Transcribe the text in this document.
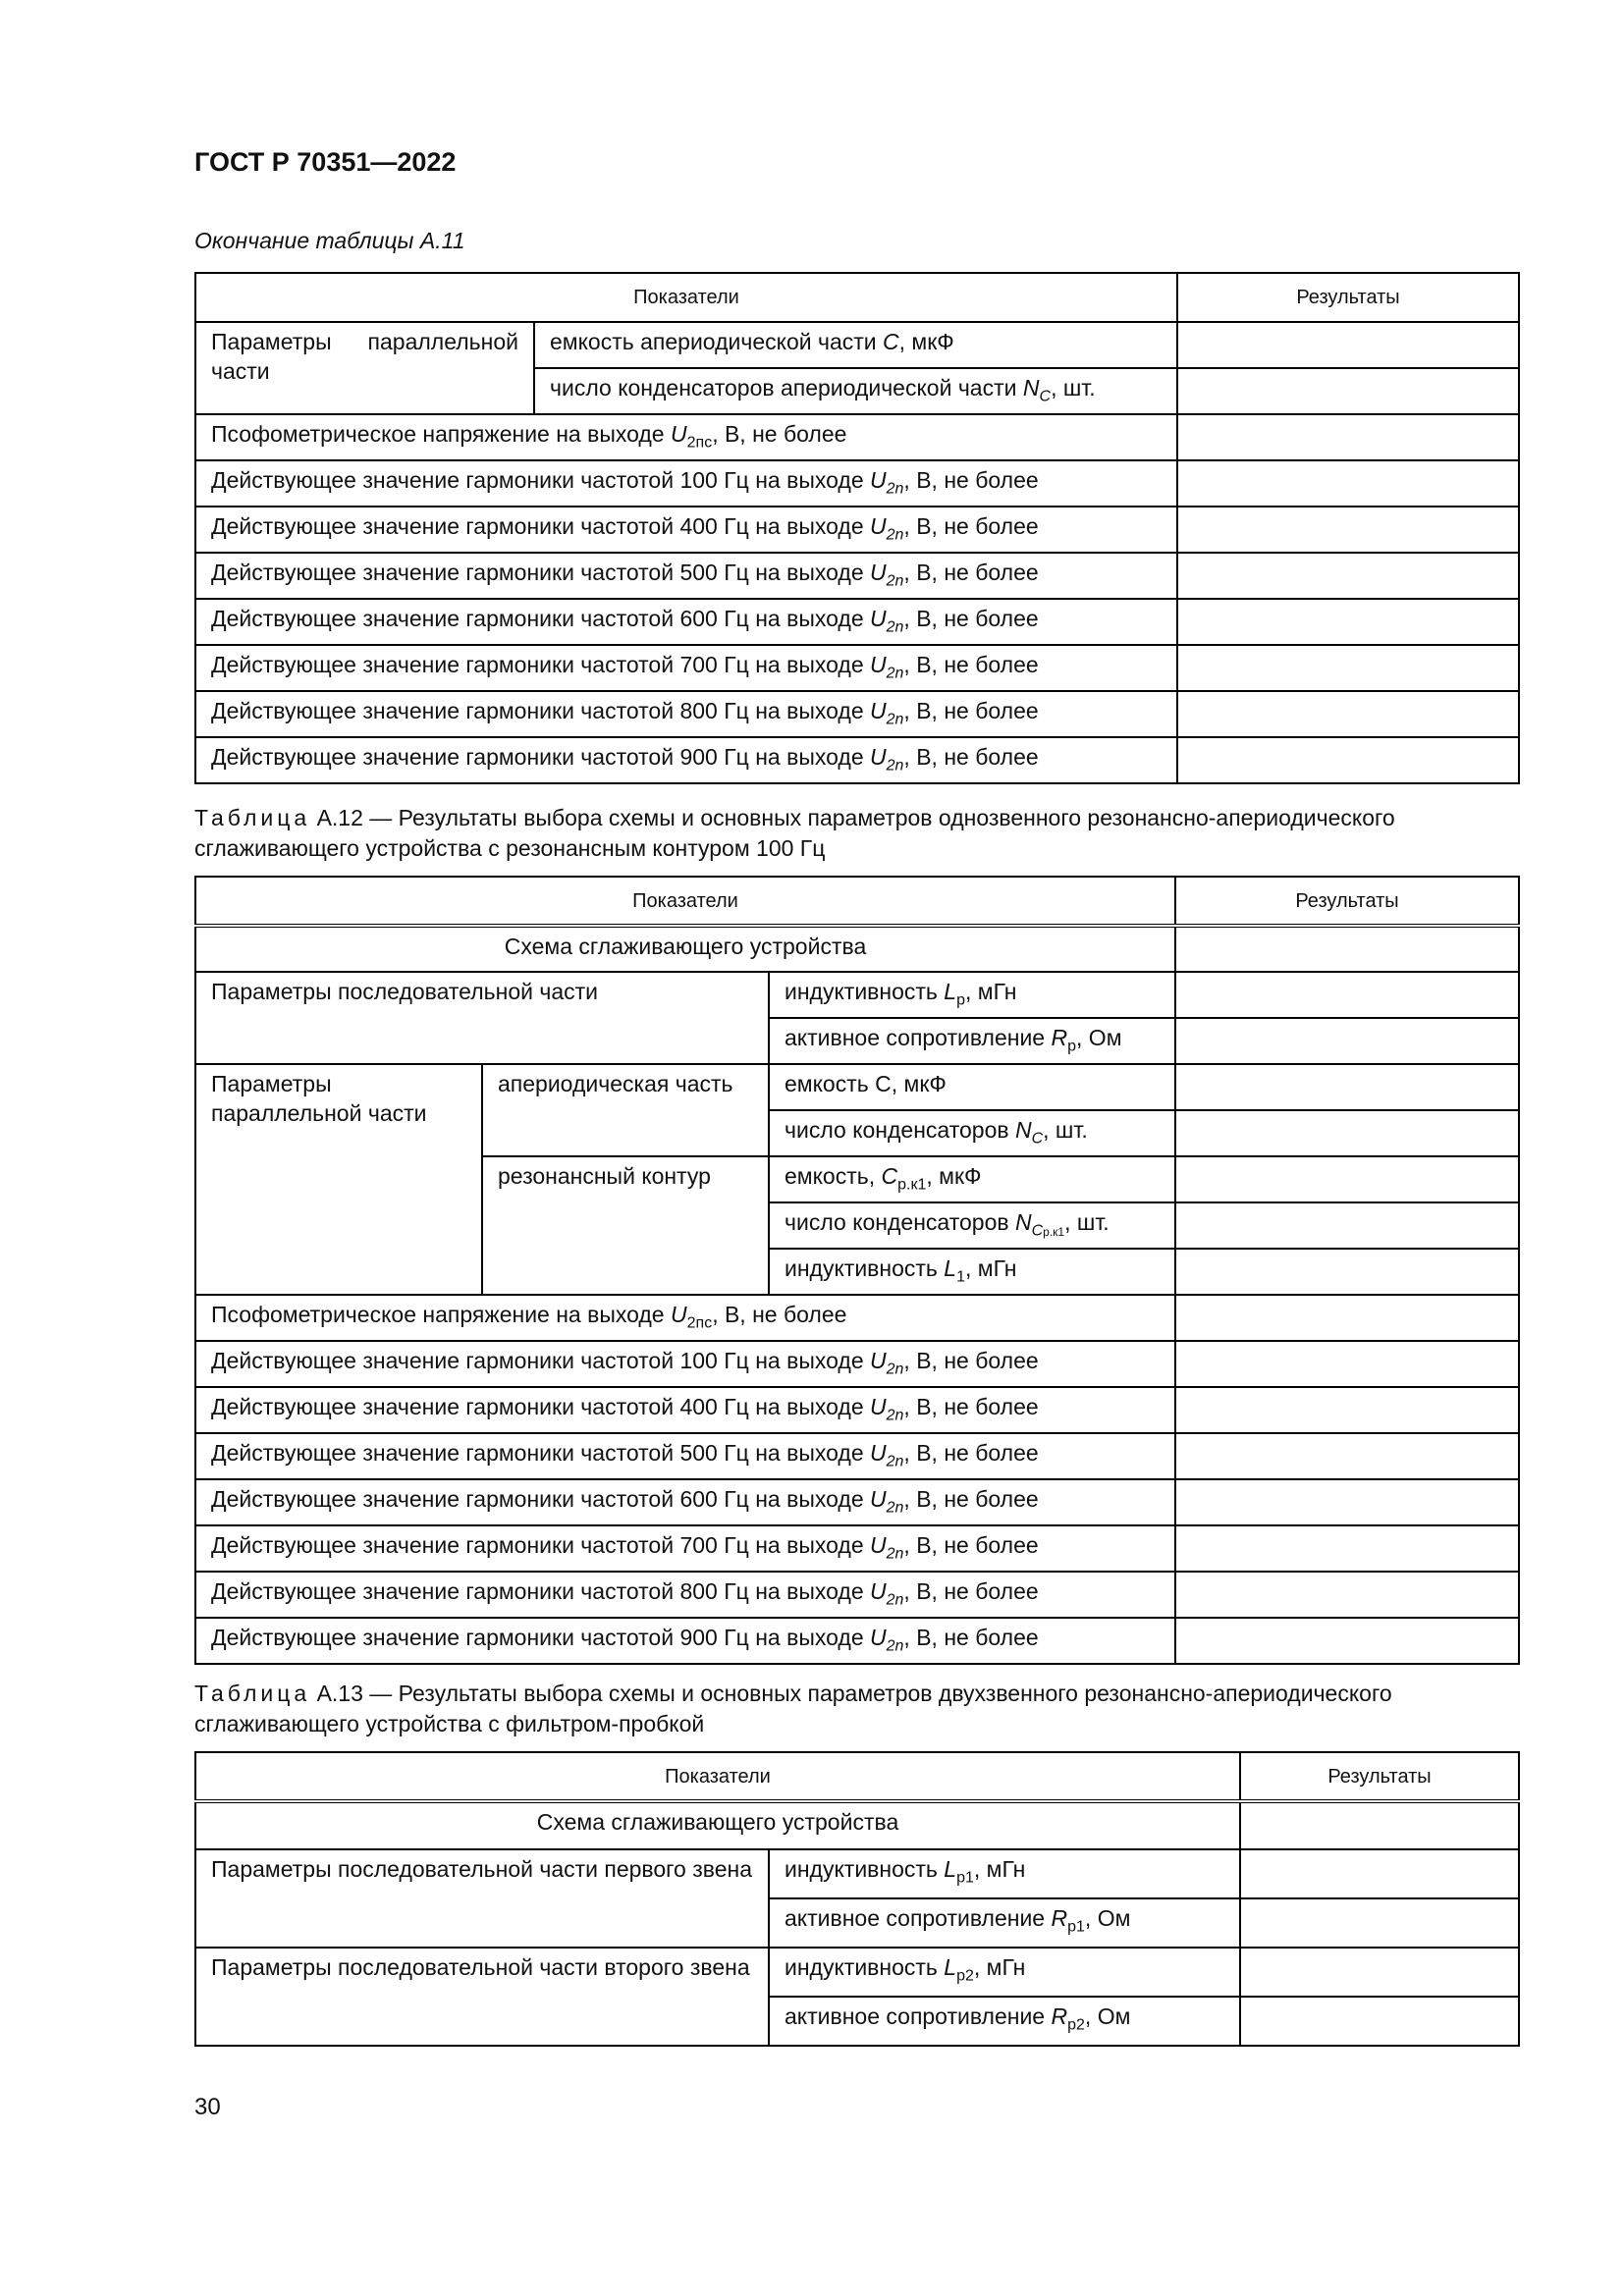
ГОСТ Р 70351—2022
Окончание таблицы А.11
Показатели		Результаты
Параметры параллельной части	емкость апериодической части C, мкФ	
	число конденсаторов апериодической части $N_C$, шт.	
Псофометрическое напряжение на выходе $U_{2пс}$, В, не более		
Действующее значение гармоники частотой 100 Гц на выходе $U_{2n}$, В, не более		
Действующее значение гармоники частотой 400 Гц на выходе $U_{2n}$, В, не более		
Действующее значение гармоники частотой 500 Гц на выходе $U_{2n}$, В, не более		
Действующее значение гармоники частотой 600 Гц на выходе $U_{2n}$, В, не более		
Действующее значение гармоники частотой 700 Гц на выходе $U_{2n}$, В, не более		
Действующее значение гармоники частотой 800 Гц на выходе $U_{2n}$, В, не более		
Действующее значение гармоники частотой 900 Гц на выходе $U_{2n}$, В, не более		
Таблица А.12 — Результаты выбора схемы и основных параметров однозвенного резонансно-апериодического сглаживающего устройства с резонансным контуром 100 Гц
Показатели			Результаты
Схема сглаживающего устройства			
Параметры последовательной части		индуктивность $L_р$, мГн	
		активное сопротивление $R_р$, Ом	
Параметры параллельной части	апериодическая часть	емкость С, мкФ	
		число конденсаторов $N_C$, шт.	
	резонансный контур	емкость, $C_{р.к1}$, мкФ	
		число конденсаторов $N_{Cр.к1}$, шт.	
		индуктивность $L_1$, мГн	
Псофометрическое напряжение на выходе $U_{2пс}$, В, не более			
Действующее значение гармоники частотой 100 Гц на выходе $U_{2n}$, В, не более			
Действующее значение гармоники частотой 400 Гц на выходе $U_{2n}$, В, не более			
Действующее значение гармоники частотой 500 Гц на выходе $U_{2n}$, В, не более			
Действующее значение гармоники частотой 600 Гц на выходе $U_{2n}$, В, не более			
Действующее значение гармоники частотой 700 Гц на выходе $U_{2n}$, В, не более			
Действующее значение гармоники частотой 800 Гц на выходе $U_{2n}$, В, не более			
Действующее значение гармоники частотой 900 Гц на выходе $U_{2n}$, В, не более			
Таблица А.13 — Результаты выбора схемы и основных параметров двухзвенного резонансно-апериодического сглаживающего устройства с фильтром-пробкой
Показатели		Результаты
Схема сглаживающего устройства		
Параметры последовательной части первого звена	индуктивность $L_{р1}$, мГн	
	активное сопротивление $R_{р1}$, Ом	
Параметры последовательной части второго звена	индуктивность $L_{р2}$, мГн	
	активное сопротивление $R_{р2}$, Ом	
30
